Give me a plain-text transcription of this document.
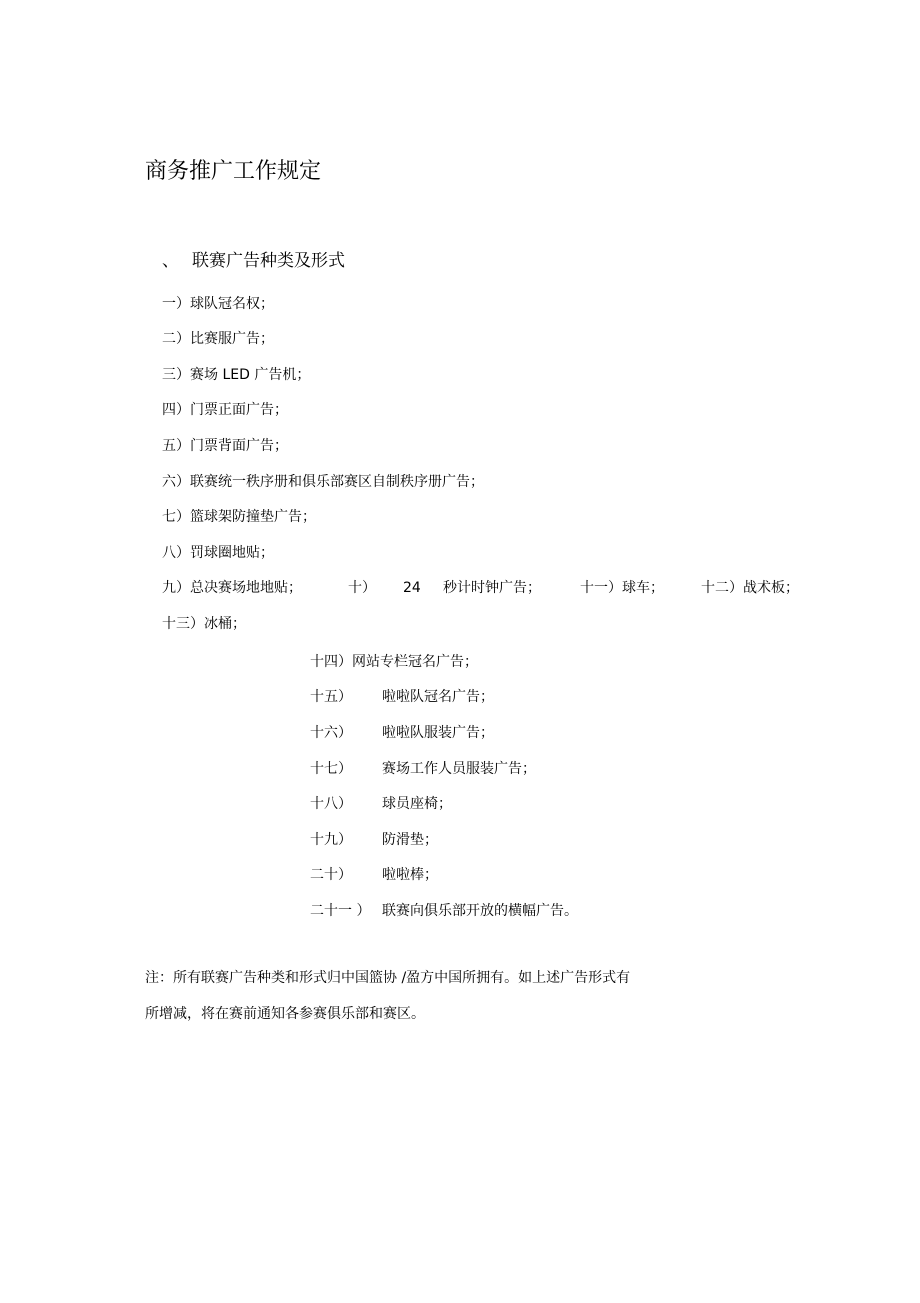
商务推广工作规定
、 联赛广告种类及形式
一）球队冠名权；
二）比赛服广告；
三）赛场 LED 广告机；
四）门票正面广告；
五）门票背面广告；
六）联赛统一秩序册和俱乐部赛区自制秩序册广告；
七）篮球架防撞垫广告；
八）罚球圈地贴；
九）总决赛场地地贴；	十） 24 秒计时钟广告；	十一）球车；	十二）战术板；
十三）冰桶；
十四）网站专栏冠名广告；
十五） 啦啦队冠名广告；
十六） 啦啦队服装广告；
十七） 赛场工作人员服装广告；
十八） 球员座椅；
十九） 防滑垫；
二十） 啦啦棒；
二十一 ） 联赛向俱乐部开放的横幅广告。
注：所有联赛广告种类和形式归中国篮协 /盈方中国所拥有。如上述广告形式有
所增减，将在赛前通知各参赛俱乐部和赛区。
